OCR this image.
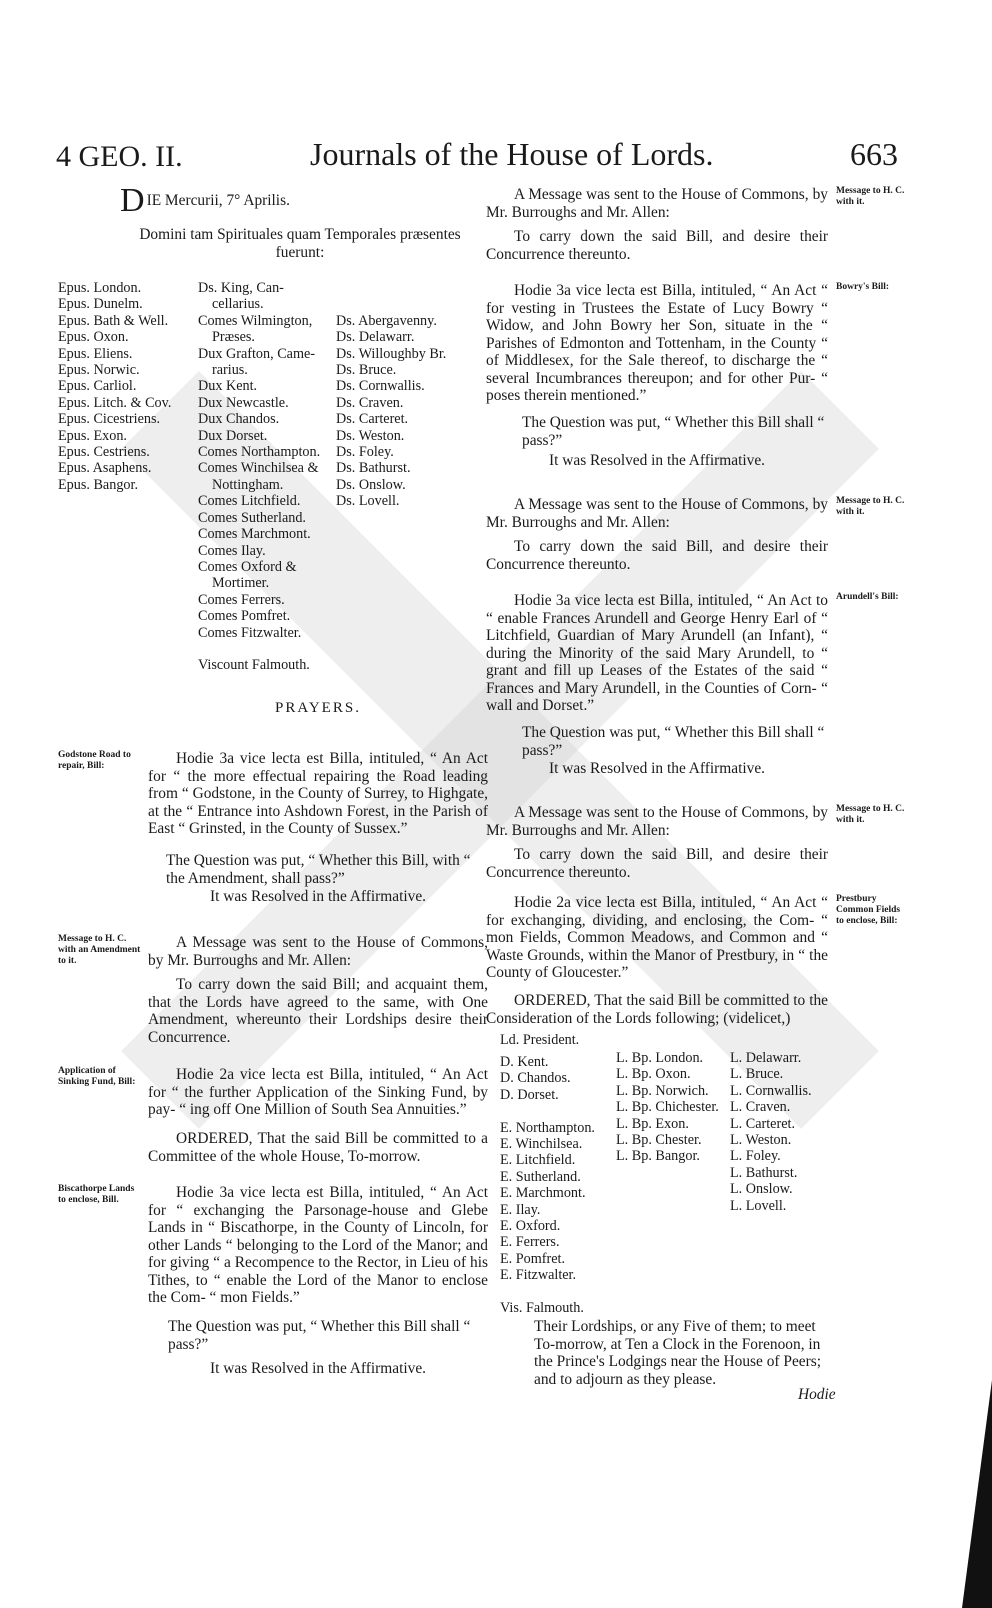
4 GEO. II.	Journals of the House of Lords.	663
D IE Mercurii, 7° Aprilis.
Domini tam Spirituales quam Temporales præsentes fuerunt:
Epus. London.
Epus. Dunelm.
Epus. Bath & Well.
Epus. Oxon.
Epus. Eliens.
Epus. Norwic.
Epus. Carliol.
Epus. Litch. & Cov.
Epus. Cicestriens.
Epus. Exon.
Epus. Cestriens.
Epus. Asaphens.
Epus. Bangor.
Ds. King, Can-
cellarius.
Comes Wilmington,
Præses.
Dux Grafton, Came-
rarius.
Dux Kent.
Dux Newcastle.
Dux Chandos.
Dux Dorset.
Comes Northampton.
Comes Winchilsea &
Nottingham.
Comes Litchfield.
Comes Sutherland.
Comes Marchmont.
Comes Ilay.
Comes Oxford &
Mortimer.
Comes Ferrers.
Comes Pomfret.
Comes Fitzwalter.

Viscount Falmouth.

Ds. Abergavenny.
Ds. Delawarr.
Ds. Willoughby Br.
Ds. Bruce.
Ds. Cornwallis.
Ds. Craven.
Ds. Carteret.
Ds. Weston.
Ds. Foley.
Ds. Bathurst.
Ds. Onslow.
Ds. Lovell.
PRAYERS.
Godstone Road to repair, Bill:	Hodie 3a vice lecta est Billa, intituled, “ An Act for “ the more effectual repairing the Road leading from “ Godstone, in the County of Surrey, to Highgate, at the “ Entrance into Ashdown Forest, in the Parish of East “ Grinsted, in the County of Sussex.”
The Question was put, “ Whether this Bill, with “ the Amendment, shall pass?”
It was Resolved in the Affirmative.
Message to H. C. with an Amendment to it.
A Message was sent to the House of Commons, by Mr. Burroughs and Mr. Allen:
To carry down the said Bill; and acquaint them, that the Lords have agreed to the same, with One Amendment, whereunto their Lordships desire their Concurrence.
Application of Sinking Fund, Bill:	Hodie 2a vice lecta est Billa, intituled, “ An Act for “ the further Application of the Sinking Fund, by pay- “ ing off One Million of South Sea Annuities.”
ORDERED, That the said Bill be committed to a Committee of the whole House, To-morrow.
Biscathorpe Lands to enclose, Bill.	Hodie 3a vice lecta est Billa, intituled, “ An Act for “ exchanging the Parsonage-house and Glebe Lands in “ Biscathorpe, in the County of Lincoln, for other Lands “ belonging to the Lord of the Manor; and for giving “ a Recompence to the Rector, in Lieu of his Tithes, to “ enable the Lord of the Manor to enclose the Com- “ mon Fields.”
The Question was put, “ Whether this Bill shall “ pass?”
It was Resolved in the Affirmative.
A Message was sent to the House of Commons, by Mr. Burroughs and Mr. Allen:
Message to H. C. with it.
To carry down the said Bill, and desire their Concurrence thereunto.
Hodie 3a vice lecta est Billa, intituled, “ An Act “ for vesting in Trustees the Estate of Lucy Bowry “ Widow, and John Bowry her Son, situate in the “ Parishes of Edmonton and Tottenham, in the County “ of Middlesex, for the Sale thereof, to discharge the “ several Incumbrances thereupon; and for other Pur- “ poses therein mentioned.”
Bowry's Bill:
The Question was put, “ Whether this Bill shall “ pass?”
It was Resolved in the Affirmative.
A Message was sent to the House of Commons, by Mr. Burroughs and Mr. Allen:
Message to H. C. with it.
To carry down the said Bill, and desire their Concurrence thereunto.
Hodie 3a vice lecta est Billa, intituled, “ An Act to “ enable Frances Arundell and George Henry Earl of “ Litchfield, Guardian of Mary Arundell (an Infant), “ during the Minority of the said Mary Arundell, to “ grant and fill up Leases of the Estates of the said “ Frances and Mary Arundell, in the Counties of Corn- “ wall and Dorset.”
Arundell's Bill:
The Question was put, “ Whether this Bill shall “ pass?”
It was Resolved in the Affirmative.
A Message was sent to the House of Commons, by Mr. Burroughs and Mr. Allen:
Message to H. C. with it.
To carry down the said Bill, and desire their Concurrence thereunto.
Hodie 2a vice lecta est Billa, intituled, “ An Act “ for exchanging, dividing, and enclosing, the Com- “ mon Fields, Common Meadows, and Common and “ Waste Grounds, within the Manor of Prestbury, in “ the County of Gloucester.”
Prestbury Common Fields to enclose, Bill:
ORDERED, That the said Bill be committed to the Consideration of the Lords following; (videlicet,)
Ld. President.
D. Kent.
D. Chandos.
D. Dorset.

E. Northampton.
E. Winchilsea.
E. Litchfield.
E. Sutherland.
E. Marchmont.
E. Ilay.
E. Oxford.
E. Ferrers.
E. Pomfret.
E. Fitzwalter.

Vis. Falmouth.
L. Bp. London.
L. Bp. Oxon.
L. Bp. Norwich.
L. Bp. Chichester.
L. Bp. Exon.
L. Bp. Chester.
L. Bp. Bangor.
L. Delawarr.
L. Bruce.
L. Cornwallis.
L. Craven.
L. Carteret.
L. Weston.
L. Foley.
L. Bathurst.
L. Onslow.
L. Lovell.
Their Lordships, or any Five of them; to meet To-morrow, at Ten a Clock in the Forenoon, in the Prince's Lodgings near the House of Peers; and to adjourn as they please.
Hodie
